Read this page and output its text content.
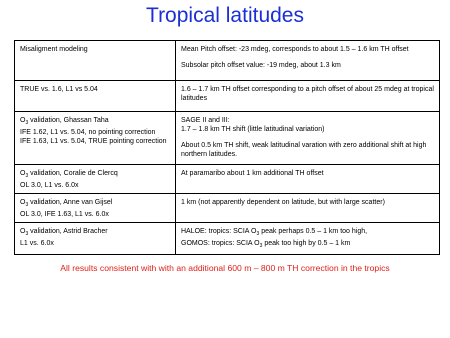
Tropical latitudes
Misaligment modeling	Mean Pitch offset: -23 mdeg, corresponds to about 1.5 – 1.6 km TH offset
Subsolar pitch offset value: -19 mdeg, about 1.3 km

TRUE vs. 1.6, L1 vs 5.04	1.6 – 1.7 km TH offset corresponding to a pitch offset of about 25 mdeg at tropical latitudes

$O_3$ validation, Ghassan Taha
IFE 1.62, L1 vs. 5.04, no pointing correction
IFE 1.63, L1 vs. 5.04, TRUE pointing correction	SAGE II and III:
1.7 – 1.8 km TH shift (little latitudinal variation)
About 0.5 km TH shift, weak latitudinal varation with zero additional shift at high northern latitudes.

$O_3$ validation, Coralie de Clercq
OL 3.0, L1 vs. 6.0x	At paramaribo about 1 km additional TH offset

$O_3$ validation, Anne van Gijsel
OL 3.0, IFE 1.63, L1 vs. 6.0x	1 km (not apparently dependent on latitude, but with large scatter)

$O_3$ validation, Astrid Bracher
L1 vs. 6.0x	HALOE: tropics: SCIA $O_3$ peak perhaps 0.5 – 1 km too high,
GOMOS: tropics: SCIA $O_3$ peak too high by 0.5 – 1 km
All results consistent with with an additional 600 m – 800 m TH correction in the tropics
